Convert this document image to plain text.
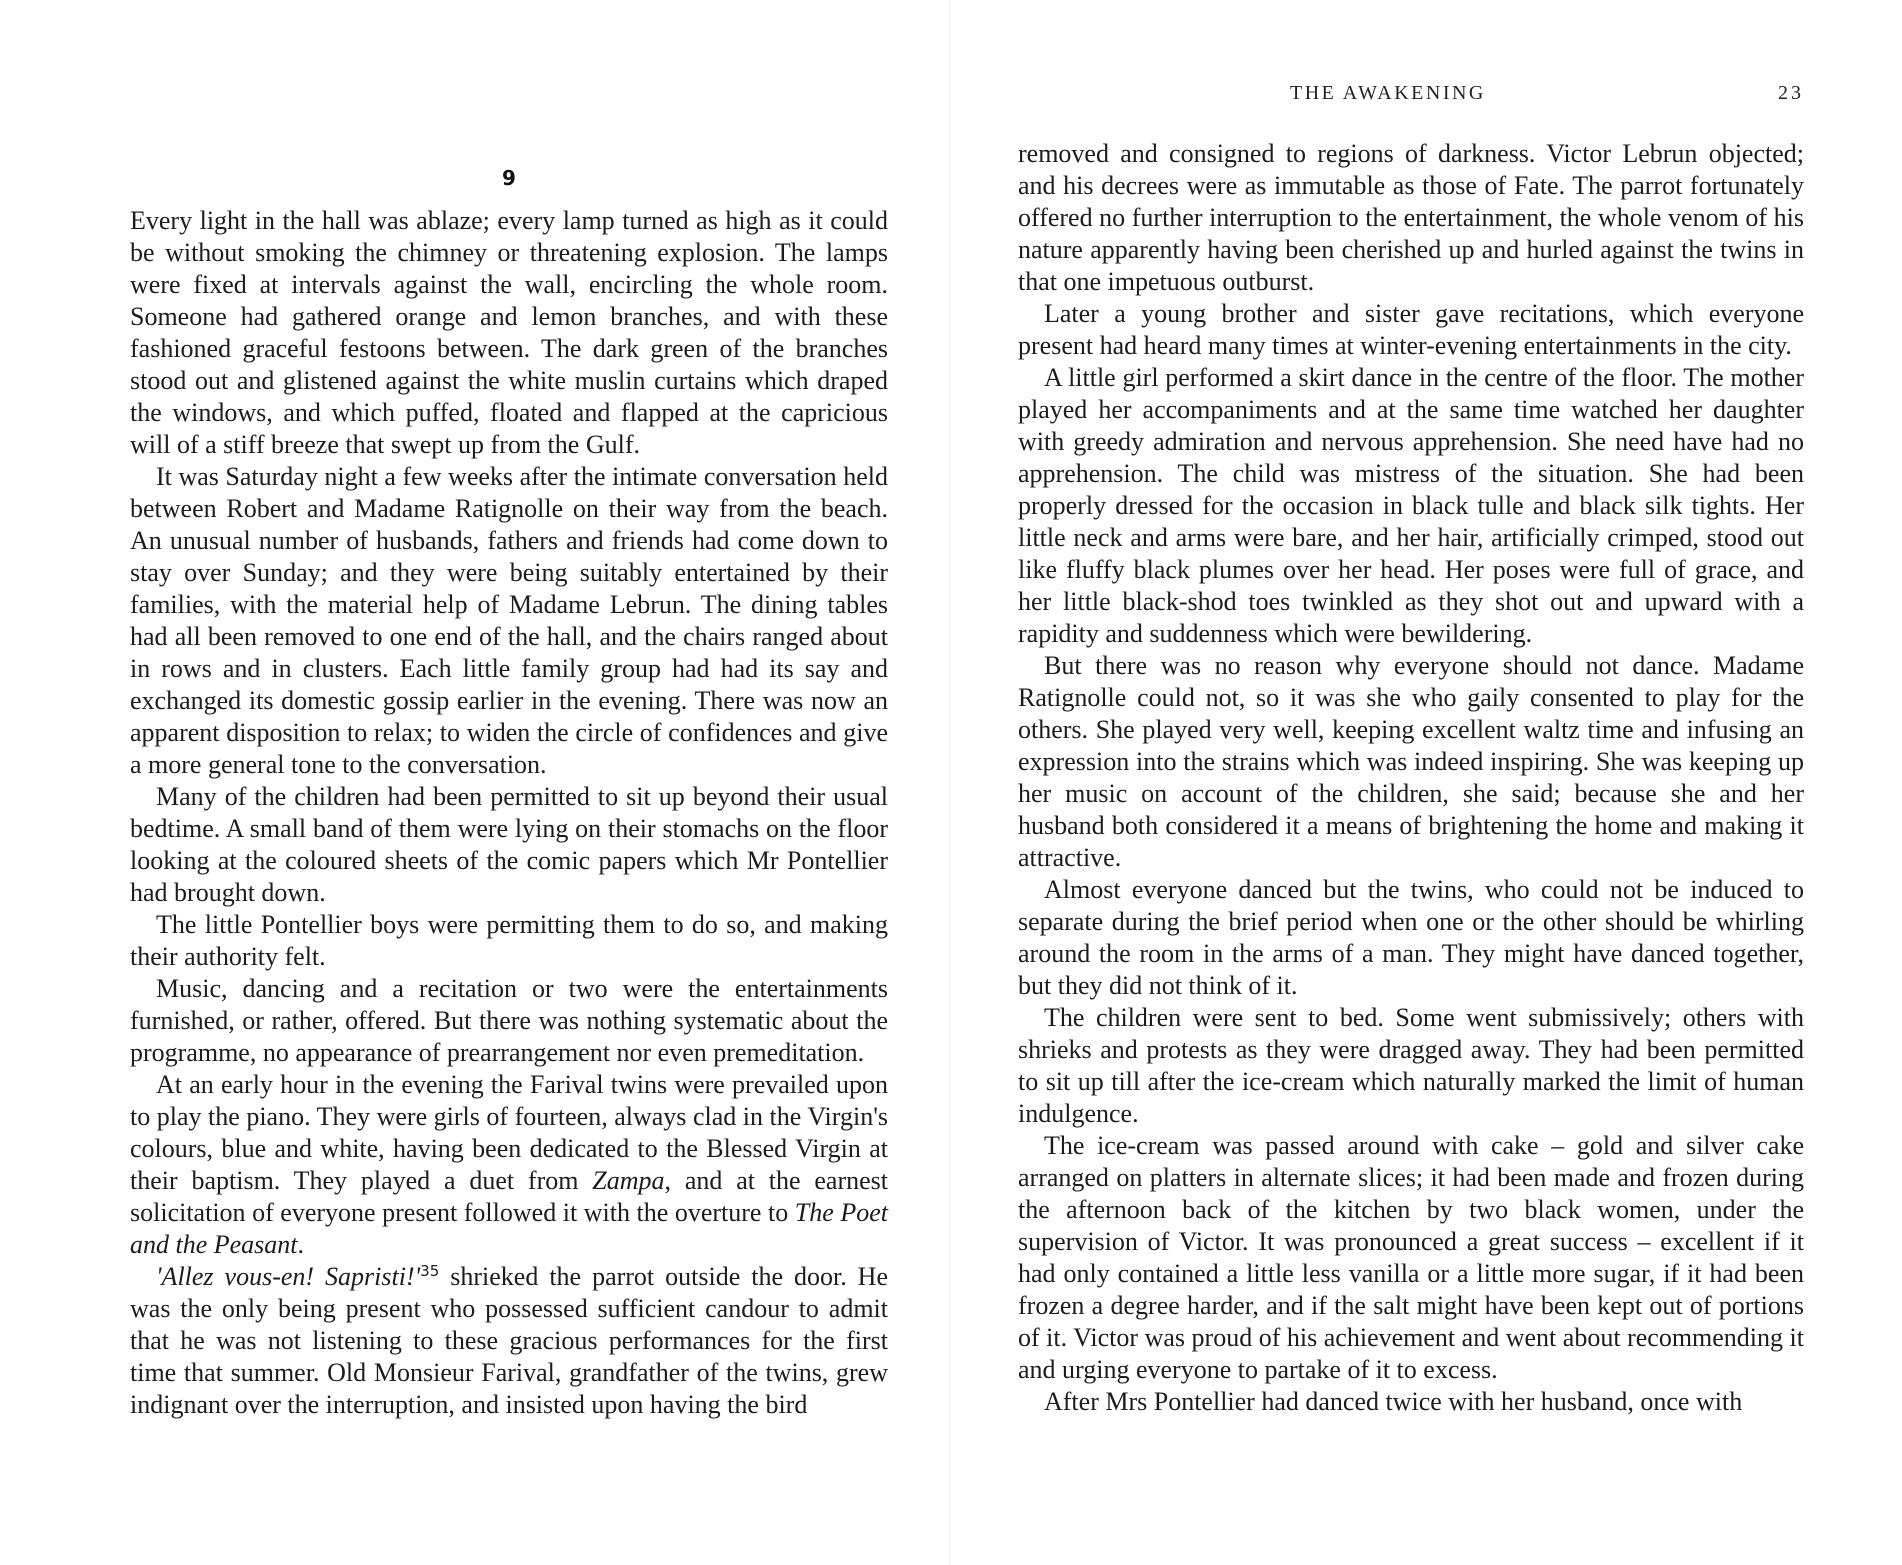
9

Every light in the hall was ablaze; every lamp turned as high as it could be without smoking the chimney or threatening explosion. The lamps were fixed at intervals against the wall, encircling the whole room. Someone had gathered orange and lemon branches, and with these fashioned graceful festoons between. The dark green of the branches stood out and glistened against the white muslin curtains which draped the windows, and which puffed, floated and flapped at the capricious will of a stiff breeze that swept up from the Gulf.

It was Saturday night a few weeks after the intimate conversation held between Robert and Madame Ratignolle on their way from the beach. An unusual number of husbands, fathers and friends had come down to stay over Sunday; and they were being suitably entertained by their families, with the material help of Madame Lebrun. The dining tables had all been removed to one end of the hall, and the chairs ranged about in rows and in clusters. Each little family group had had its say and exchanged its domestic gossip earlier in the evening. There was now an apparent disposition to relax; to widen the circle of confidences and give a more general tone to the conversation.

Many of the children had been permitted to sit up beyond their usual bedtime. A small band of them were lying on their stomachs on the floor looking at the coloured sheets of the comic papers which Mr Pontellier had brought down.

The little Pontellier boys were permitting them to do so, and making their authority felt.

Music, dancing and a recitation or two were the entertainments furnished, or rather, offered. But there was nothing systematic about the programme, no appearance of prearrangement nor even premeditation.

At an early hour in the evening the Farival twins were prevailed upon to play the piano. They were girls of fourteen, always clad in the Virgin's colours, blue and white, having been dedicated to the Blessed Virgin at their baptism. They played a duet from Zampa, and at the earnest solicitation of everyone present followed it with the overture to The Poet and the Peasant.

'Allez vous-en! $Sapristi!'^{35}$ shrieked the parrot outside the door. He was the only being present who possessed sufficient candour to admit that he was not listening to these gracious performances for the first time that summer. Old Monsieur Farival, grandfather of the twins, grew indignant over the interruption, and insisted upon having the bird

THE AWAKENING	23

removed and consigned to regions of darkness. Victor Lebrun objected; and his decrees were as immutable as those of Fate. The parrot fortunately offered no further interruption to the entertainment, the whole venom of his nature apparently having been cherished up and hurled against the twins in that one impetuous outburst.

Later a young brother and sister gave recitations, which everyone present had heard many times at winter-evening entertainments in the city.

A little girl performed a skirt dance in the centre of the floor. The mother played her accompaniments and at the same time watched her daughter with greedy admiration and nervous apprehension. She need have had no apprehension. The child was mistress of the situation. She had been properly dressed for the occasion in black tulle and black silk tights. Her little neck and arms were bare, and her hair, artificially crimped, stood out like fluffy black plumes over her head. Her poses were full of grace, and her little black-shod toes twinkled as they shot out and upward with a rapidity and suddenness which were bewildering.

But there was no reason why everyone should not dance. Madame Ratignolle could not, so it was she who gaily consented to play for the others. She played very well, keeping excellent waltz time and infusing an expression into the strains which was indeed inspiring. She was keeping up her music on account of the children, she said; because she and her husband both considered it a means of brightening the home and making it attractive.

Almost everyone danced but the twins, who could not be induced to separate during the brief period when one or the other should be whirling around the room in the arms of a man. They might have danced together, but they did not think of it.

The children were sent to bed. Some went submissively; others with shrieks and protests as they were dragged away. They had been permitted to sit up till after the ice-cream which naturally marked the limit of human indulgence.

The ice-cream was passed around with cake – gold and silver cake arranged on platters in alternate slices; it had been made and frozen during the afternoon back of the kitchen by two black women, under the supervision of Victor. It was pronounced a great success – excellent if it had only contained a little less vanilla or a little more sugar, if it had been frozen a degree harder, and if the salt might have been kept out of portions of it. Victor was proud of his achievement and went about recommending it and urging everyone to partake of it to excess.

After Mrs Pontellier had danced twice with her husband, once with
